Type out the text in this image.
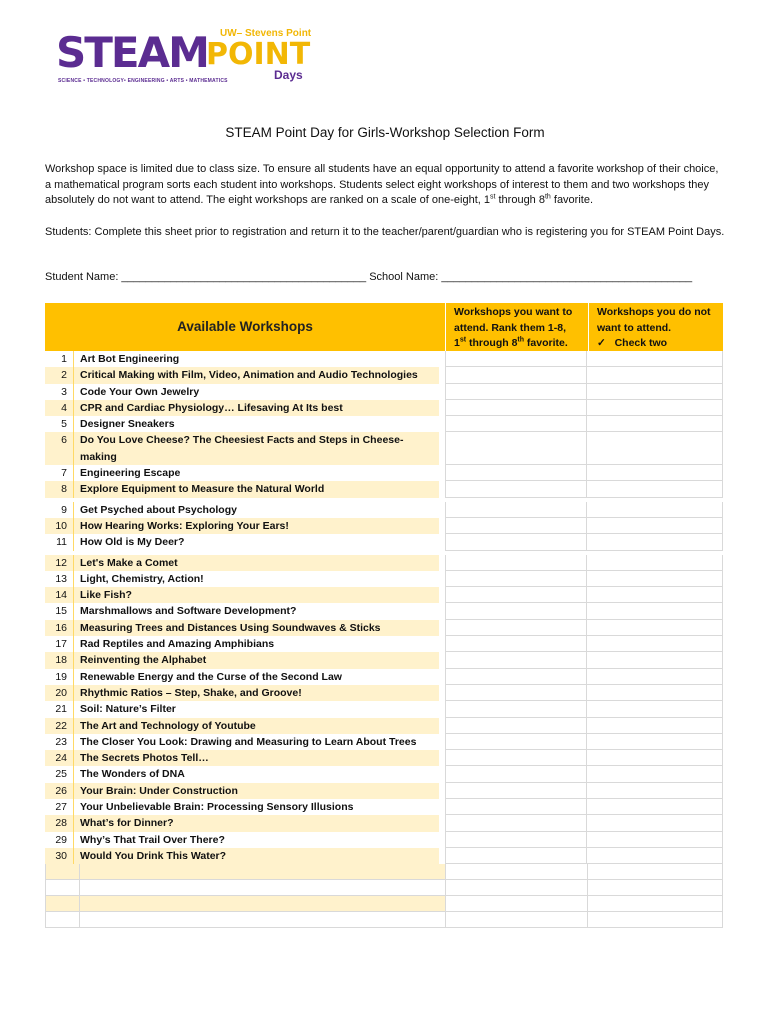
UW– Stevens Point
STEAM
POINT
Days
SCIENCE • TECHNOLOGY• ENGINEERING • ARTS • MATHEMATICS
STEAM Point Day for Girls-Workshop Selection Form
Workshop space is limited due to class size. To ensure all students have an equal opportunity to attend a favorite workshop of their choice, a mathematical program sorts each student into workshops. Students select eight workshops of interest to them and two workshops they absolutely do not want to attend. The eight workshops are ranked on a scale of one-eight, 1st through 8th favorite.
Students: Complete this sheet prior to registration and return it to the teacher/parent/guardian who is registering you for STEAM Point Days.
Student Name: ________________________________________ School Name: _________________________________________
Available Workshops
Workshops you want to
attend. Rank them 1-8,
1st through 8th favorite.
Workshops you do not
want to attend.
✓ Check two
1	Art Bot Engineering
2	Critical Making with Film, Video, Animation and Audio Technologies
3	Code Your Own Jewelry
4	CPR and Cardiac Physiology… Lifesaving At Its best
5	Designer Sneakers
6	Do You Love Cheese? The Cheesiest Facts and Steps in Cheese-making
7	Engineering Escape
8	Explore Equipment to Measure the Natural World
9	Get Psyched about Psychology
10	How Hearing Works: Exploring Your Ears!
11	How Old is My Deer?
12	Let's Make a Comet
13	Light, Chemistry, Action!
14	Like Fish?
15	Marshmallows and Software Development?
16	Measuring Trees and Distances Using Soundwaves & Sticks
17	Rad Reptiles and Amazing Amphibians
18	Reinventing the Alphabet
19	Renewable Energy and the Curse of the Second Law
20	Rhythmic Ratios – Step, Shake, and Groove!
21	Soil: Nature’s Filter
22	The Art and Technology of Youtube
23	The Closer You Look: Drawing and Measuring to Learn About Trees
24	The Secrets Photos Tell…
25	The Wonders of DNA
26	Your Brain: Under Construction
27	Your Unbelievable Brain: Processing Sensory Illusions
28	What’s for Dinner?
29	Why’s That Trail Over There?
30	Would You Drink This Water?
